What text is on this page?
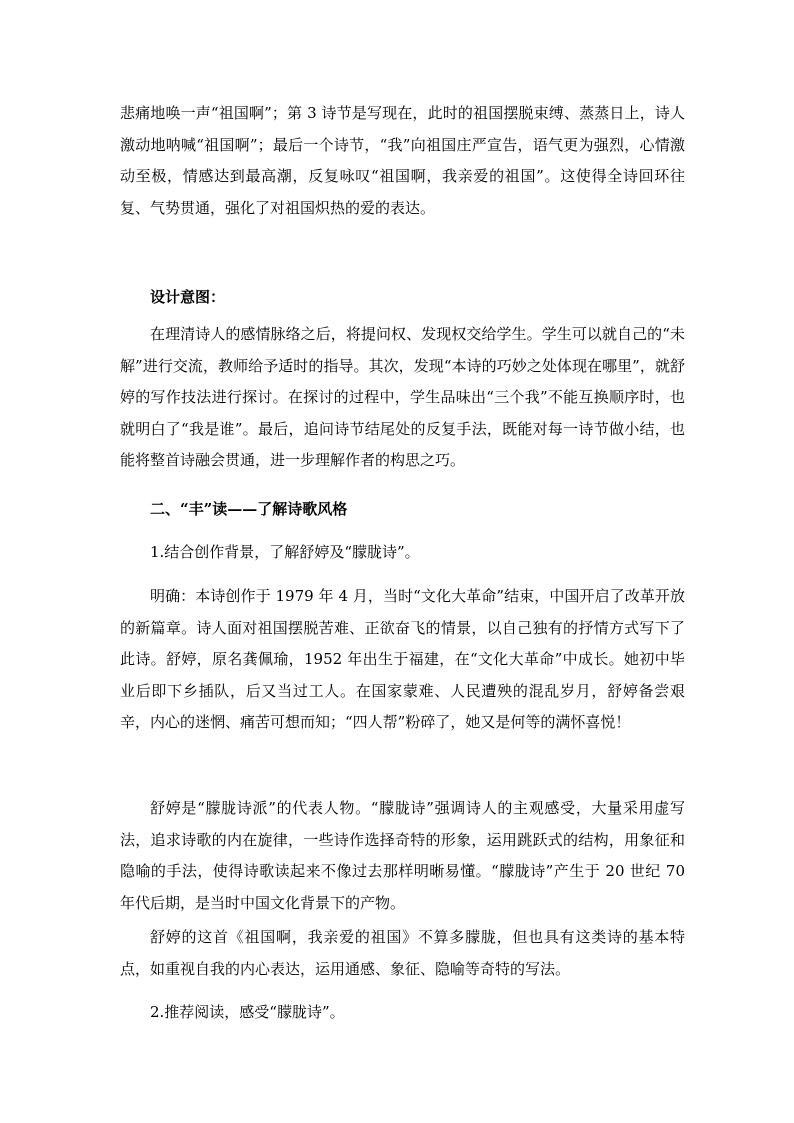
悲痛地唤一声“祖国啊”；第 3 诗节是写现在，此时的祖国摆脱束缚、蒸蒸日上，诗人激动地呐喊“祖国啊”；最后一个诗节，“我”向祖国庄严宣告，语气更为强烈，心情激动至极，情感达到最高潮，反复咏叹“祖国啊，我亲爱的祖国”。这使得全诗回环往复、气势贯通，强化了对祖国炽热的爱的表达。

设计意图：

在理清诗人的感情脉络之后，将提问权、发现权交给学生。学生可以就自己的“未解”进行交流，教师给予适时的指导。其次，发现“本诗的巧妙之处体现在哪里”，就舒婷的写作技法进行探讨。在探讨的过程中，学生品味出“三个我”不能互换顺序时，也就明白了“我是谁”。最后，追问诗节结尾处的反复手法，既能对每一诗节做小结，也能将整首诗融会贯通，进一步理解作者的构思之巧。

二、“丰”读——了解诗歌风格

1.结合创作背景，了解舒婷及“朦胧诗”。

明确：本诗创作于 1979 年 4 月，当时“文化大革命”结束，中国开启了改革开放的新篇章。诗人面对祖国摆脱苦难、正欲奋飞的情景，以自己独有的抒情方式写下了此诗。舒婷，原名龚佩瑜，1952 年出生于福建，在“文化大革命”中成长。她初中毕业后即下乡插队，后又当过工人。在国家蒙难、人民遭殃的混乱岁月，舒婷备尝艰辛，内心的迷惘、痛苦可想而知；“四人帮”粉碎了，她又是何等的满怀喜悦！

舒婷是“朦胧诗派”的代表人物。“朦胧诗”强调诗人的主观感受，大量采用虚写法，追求诗歌的内在旋律，一些诗作选择奇特的形象，运用跳跃式的结构，用象征和隐喻的手法，使得诗歌读起来不像过去那样明晰易懂。“朦胧诗”产生于 20 世纪 70 年代后期，是当时中国文化背景下的产物。

舒婷的这首《祖国啊，我亲爱的祖国》不算多朦胧，但也具有这类诗的基本特点，如重视自我的内心表达，运用通感、象征、隐喻等奇特的写法。

2.推荐阅读，感受“朦胧诗”。
